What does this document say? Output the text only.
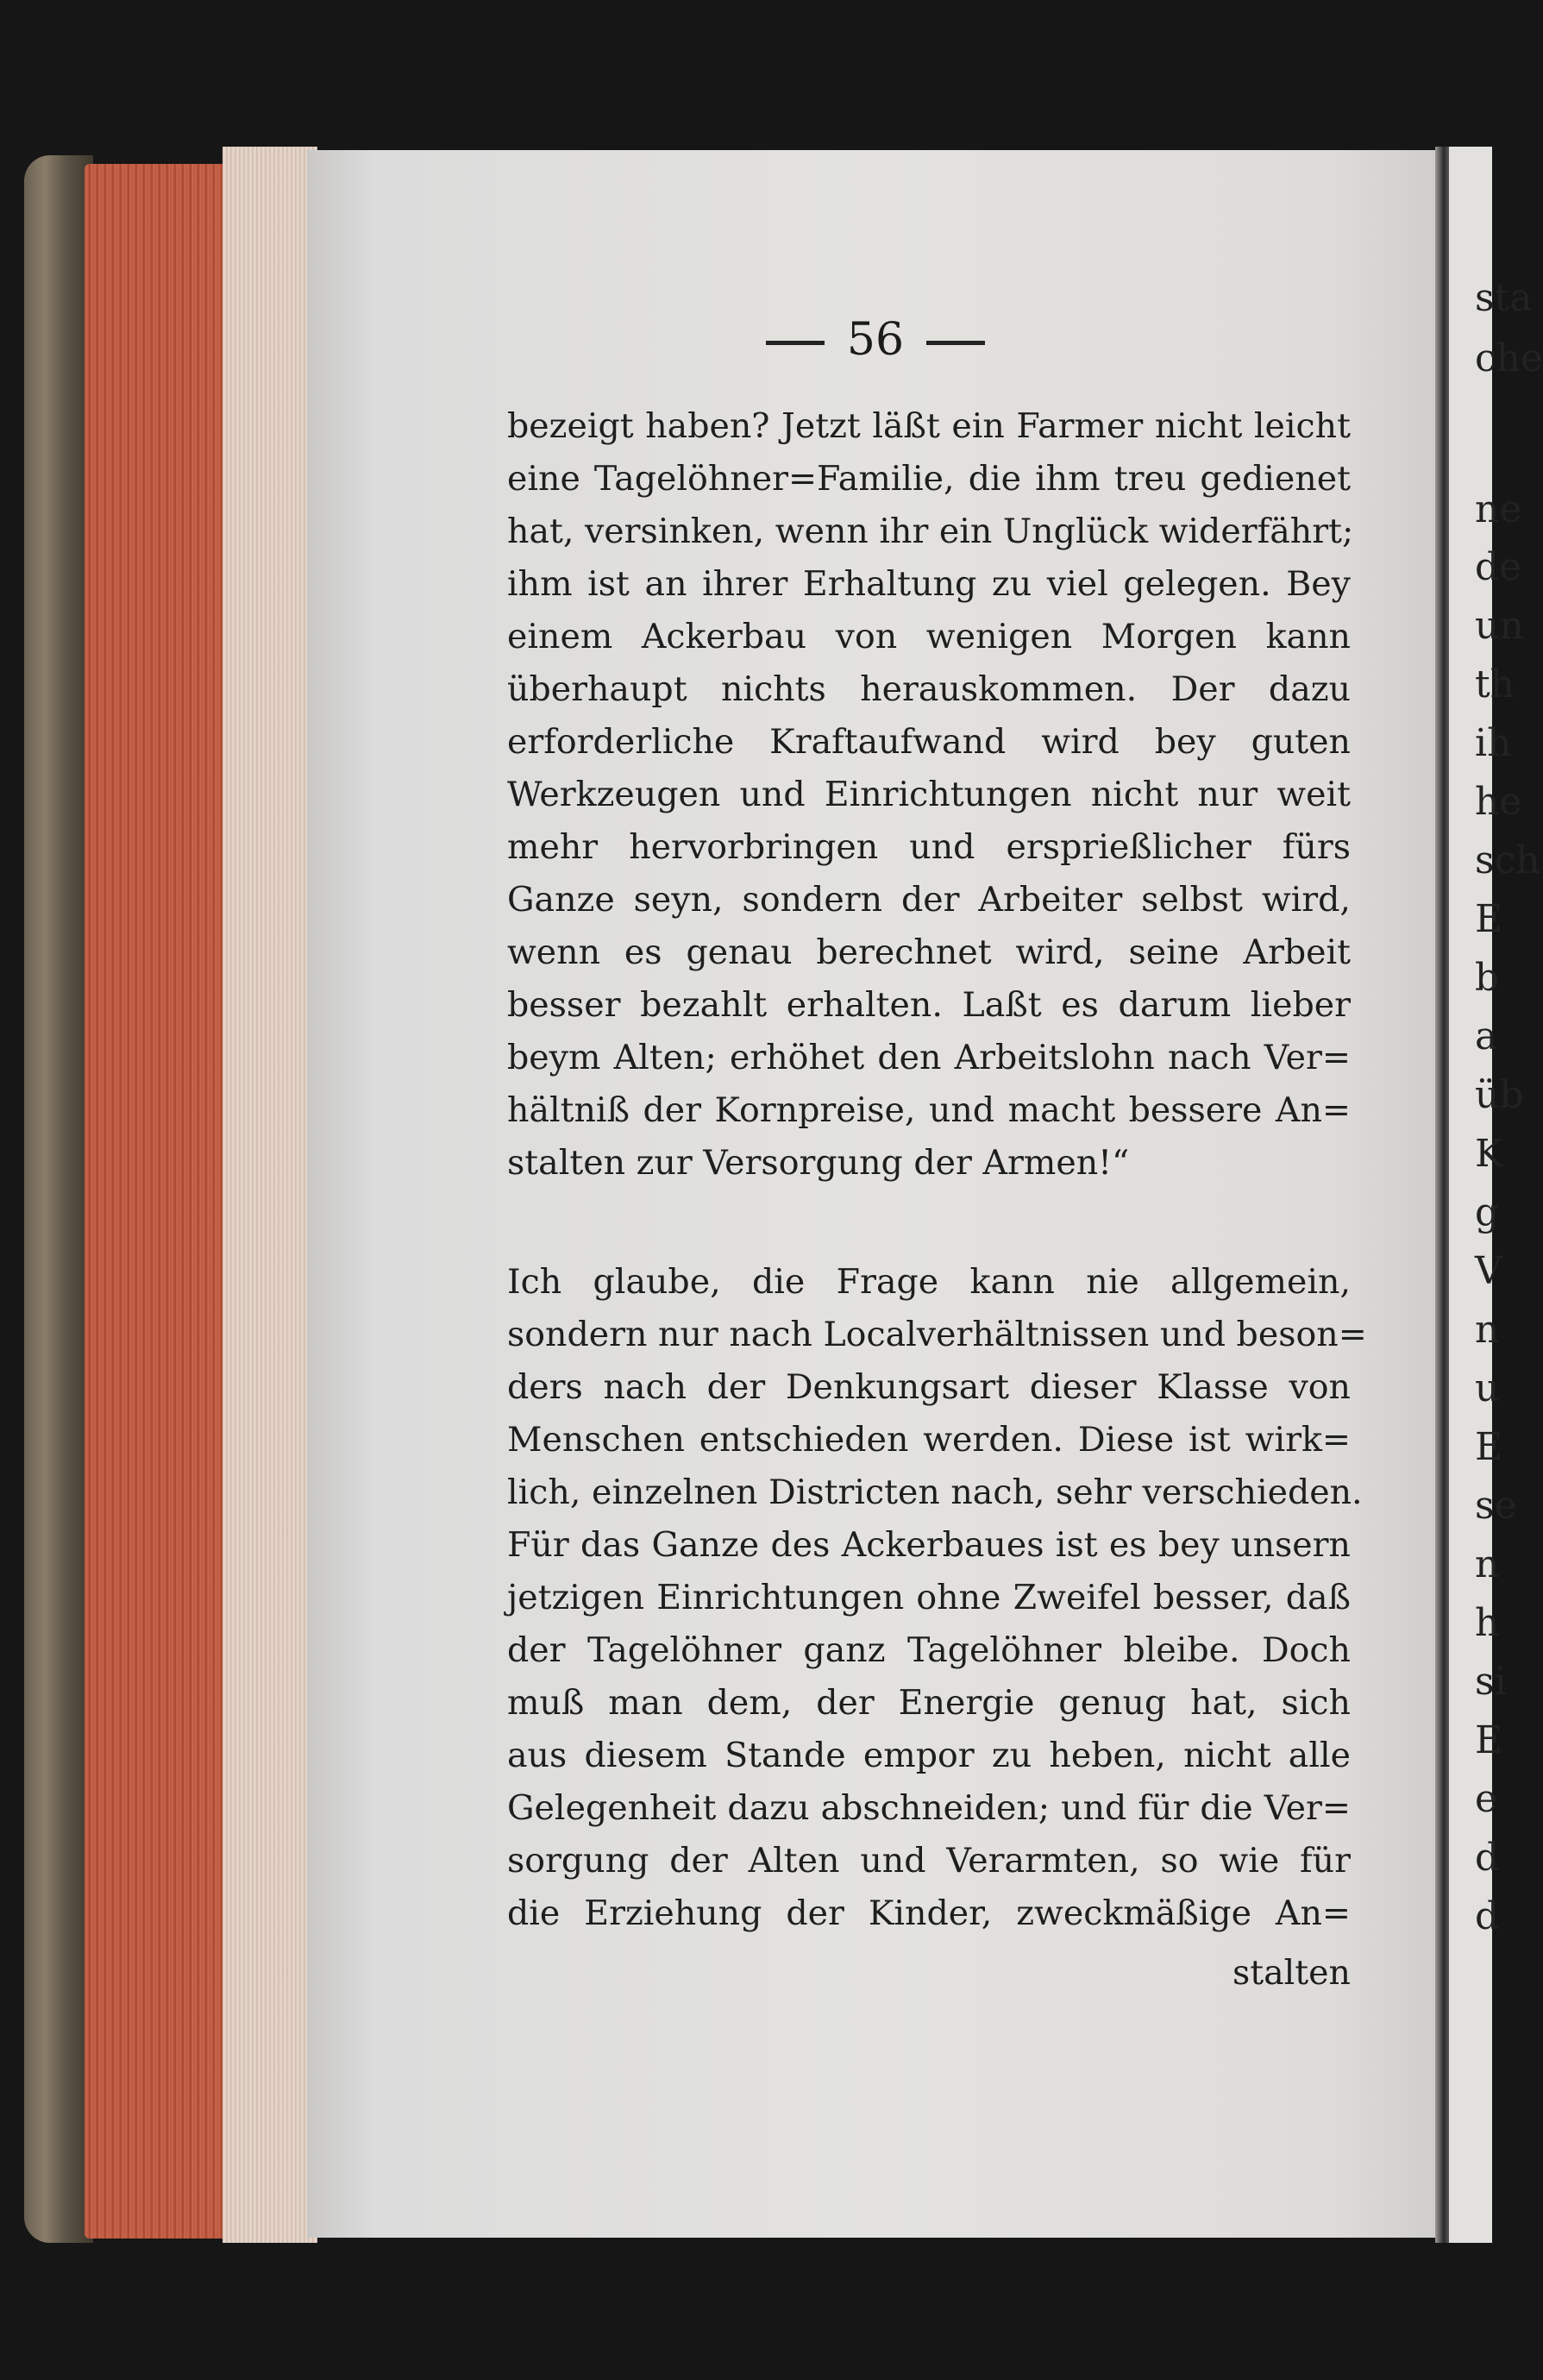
56
sta
che
ne
de
un
th
ih
he
sch
E
b
a
üb
K
g
V
n
u
E
se
n
h
si
E
e
d
d
bezeigt haben? Jetzt läßt ein Farmer nicht leicht
eine Tagelöhner=Familie, die ihm treu gedienet
hat, versinken, wenn ihr ein Unglück widerfährt;
ihm ist an ihrer Erhaltung zu viel gelegen. Bey
einem Ackerbau von wenigen Morgen kann
überhaupt nichts herauskommen. Der dazu
erforderliche Kraftaufwand wird bey guten
Werkzeugen und Einrichtungen nicht nur weit
mehr hervorbringen und ersprießlicher fürs
Ganze seyn, sondern der Arbeiter selbst wird,
wenn es genau berechnet wird, seine Arbeit
besser bezahlt erhalten. Laßt es darum lieber
beym Alten; erhöhet den Arbeitslohn nach Ver=
hältniß der Kornpreise, und macht bessere An=
stalten zur Versorgung der Armen!“
Ich glaube, die Frage kann nie allgemein,
sondern nur nach Localverhältnissen und beson=
ders nach der Denkungsart dieser Klasse von
Menschen entschieden werden. Diese ist wirk=
lich, einzelnen Districten nach, sehr verschieden.
Für das Ganze des Ackerbaues ist es bey unsern
jetzigen Einrichtungen ohne Zweifel besser, daß
der Tagelöhner ganz Tagelöhner bleibe. Doch
muß man dem, der Energie genug hat, sich
aus diesem Stande empor zu heben, nicht alle
Gelegenheit dazu abschneiden; und für die Ver=
sorgung der Alten und Verarmten, so wie für
die Erziehung der Kinder, zweckmäßige An=
stalten
